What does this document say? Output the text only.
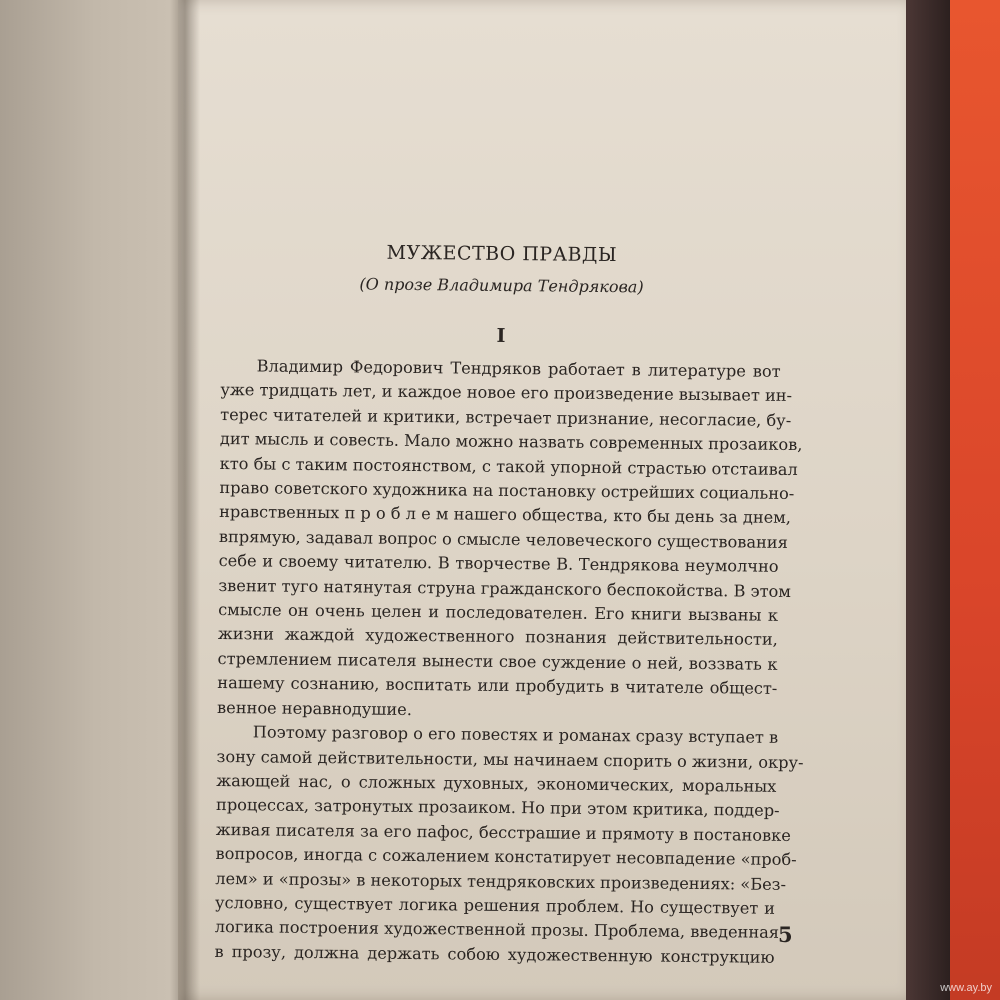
МУЖЕСТВО ПРАВДЫ
(О прозе Владимира Тендрякова)
I

Владимир Федорович Тендряков работает в литературе вот
уже тридцать лет, и каждое новое его произведение вызывает ин-
терес читателей и критики, встречает признание, несогласие, бу-
дит мысль и совесть. Мало можно назвать современных прозаиков,
кто бы с таким постоянством, с такой упорной страстью отстаивал
право советского художника на постановку острейших социально-
нравственных п р о б л е м нашего общества, кто бы день за днем,
впрямую, задавал вопрос о смысле человеческого существования
себе и своему читателю. В творчестве В. Тендрякова неумолчно
звенит туго натянутая струна гражданского беспокойства. В этом
смысле он очень целен и последователен. Его книги вызваны к
жизни жаждой художественного познания действительности,
стремлением писателя вынести свое суждение о ней, воззвать к
нашему сознанию, воспитать или пробудить в читателе общест-
венное неравнодушие.

Поэтому разговор о его повестях и романах сразу вступает в
зону самой действительности, мы начинаем спорить о жизни, окру-
жающей нас, о сложных духовных, экономических, моральных
процессах, затронутых прозаиком. Но при этом критика, поддер-
живая писателя за его пафос, бесстрашие и прямоту в постановке
вопросов, иногда с сожалением констатирует несовпадение «проб-
лем» и «прозы» в некоторых тендряковских произведениях: «Без-
условно, существует логика решения проблем. Но существует и
логика построения художественной прозы. Проблема, введенная
в прозу, должна держать собою художественную конструкцию

5
www.ay.by
